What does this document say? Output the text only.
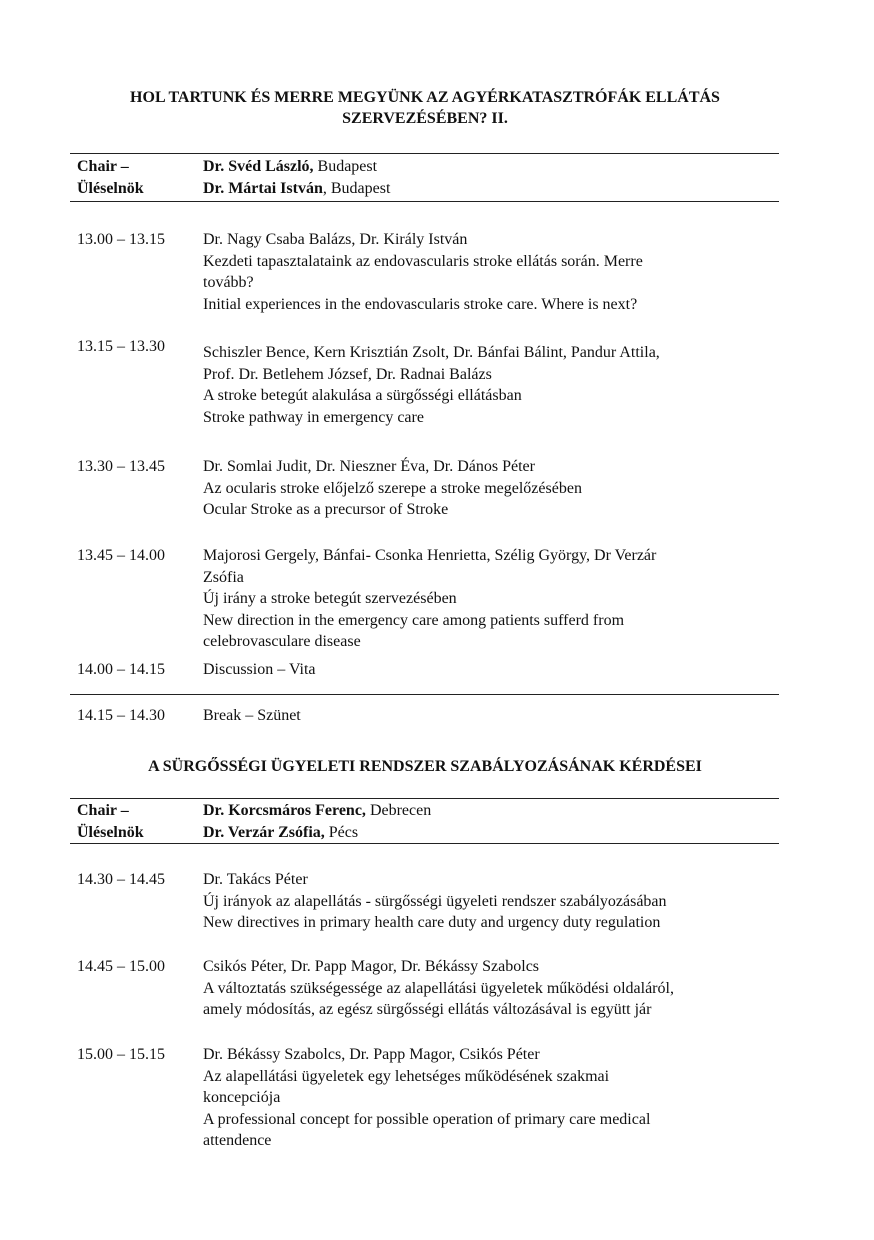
HOL TARTUNK ÉS MERRE MEGYÜNK AZ AGYÉRKATASZTRÓFÁK ELLÁTÁS
SZERVEZÉSÉBEN? II.
Chair –
Üléselnök
Dr. Svéd László, Budapest
Dr. Mártai István, Budapest
13.00 – 13.15 Dr. Nagy Csaba Balázs, Dr. Király István
Kezdeti tapasztalataink az endovascularis stroke ellátás során. Merre
tovább?
Initial experiences in the endovascularis stroke care. Where is next?
13.15 – 13.30 Schiszler Bence, Kern Krisztián Zsolt, Dr. Bánfai Bálint, Pandur Attila,
Prof. Dr. Betlehem József, Dr. Radnai Balázs
A stroke betegút alakulása a sürgősségi ellátásban
Stroke pathway in emergency care
13.30 – 13.45 Dr. Somlai Judit, Dr. Nieszner Éva, Dr. Dános Péter
Az ocularis stroke előjelző szerepe a stroke megelőzésében
Ocular Stroke as a precursor of Stroke
13.45 – 14.00 Majorosi Gergely, Bánfai- Csonka Henrietta, Szélig György, Dr Verzár
Zsófia
Új irány a stroke betegút szervezésében
New direction in the emergency care among patients sufferd from
celebrovasculare disease
14.00 – 14.15 Discussion – Vita
14.15 – 14.30 Break – Szünet
A SÜRGŐSSÉGI ÜGYELETI RENDSZER SZABÁLYOZÁSÁNAK KÉRDÉSEI
Chair –
Üléselnök
Dr. Korcsmáros Ferenc, Debrecen
Dr. Verzár Zsófia, Pécs
14.30 – 14.45 Dr. Takács Péter
Új irányok az alapellátás - sürgősségi ügyeleti rendszer szabályozásában
New directives in primary health care duty and urgency duty regulation
14.45 – 15.00 Csikós Péter, Dr. Papp Magor, Dr. Békássy Szabolcs
A változtatás szükségessége az alapellátási ügyeletek működési oldaláról,
amely módosítás, az egész sürgősségi ellátás változásával is együtt jár
15.00 – 15.15 Dr. Békássy Szabolcs, Dr. Papp Magor, Csikós Péter
Az alapellátási ügyeletek egy lehetséges működésének szakmai
koncepciója
A professional concept for possible operation of primary care medical
attendence
